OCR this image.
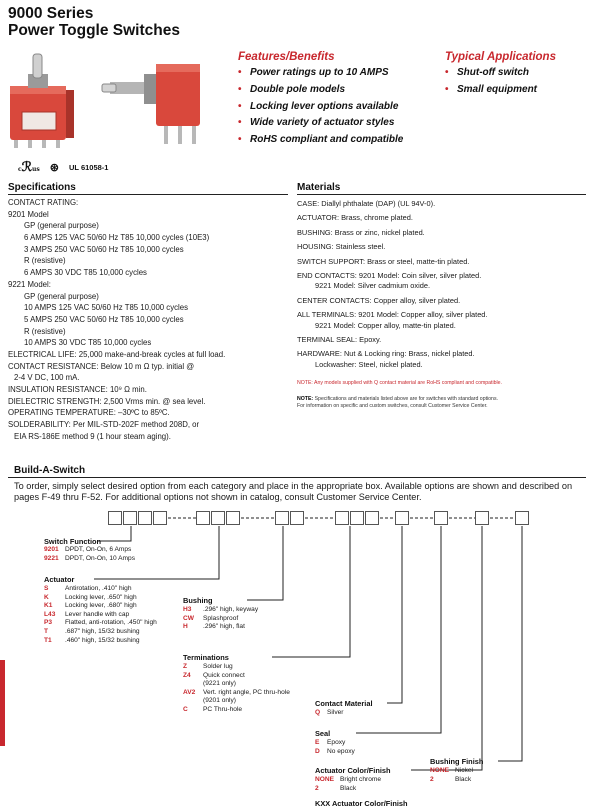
9000 Series
Power Toggle Switches
Features/Benefits
• Power ratings up to 10 AMPS
• Double pole models
• Locking lever options available
• Wide variety of actuator styles
• RoHS compliant and compatible
Typical Applications
• Shut-off switch
• Small equipment
cℛus ⊛ UL 61058-1
Specifications
CONTACT RATING:
9201 Model
GP (general purpose)
6 AMPS 125 VAC 50/60 Hz T85 10,000 cycles (10E3)
3 AMPS 250 VAC 50/60 Hz T85 10,000 cycles
R (resistive)
6 AMPS 30 VDC T85 10,000 cycles
9221 Model:
GP (general purpose)
10 AMPS 125 VAC 50/60 Hz T85 10,000 cycles
5 AMPS 250 VAC 50/60 Hz T85 10,000 cycles
R (resistive)
10 AMPS 30 VDC T85 10,000 cycles
ELECTRICAL LIFE: 25,000 make-and-break cycles at full load.
CONTACT RESISTANCE: Below 10 m Ω typ. initial @
2-4 V DC, 100 mA.
INSULATION RESISTANCE: 10⁹ Ω min.
DIELECTRIC STRENGTH: 2,500 Vrms min. @ sea level.
OPERATING TEMPERATURE: –30ºC to 85ºC.
SOLDERABILITY: Per MIL-STD-202F method 208D, or
EIA RS-186E method 9 (1 hour steam aging).
Materials
CASE: Diallyl phthalate (DAP) (UL 94V-0).
ACTUATOR: Brass, chrome plated.
BUSHING: Brass or zinc, nickel plated.
HOUSING: Stainless steel.
SWITCH SUPPORT: Brass or steel, matte-tin plated.
END CONTACTS: 9201 Model: Coin silver, silver plated.
9221 Model: Silver cadmium oxide.
CENTER CONTACTS: Copper alloy, silver plated.
ALL TERMINALS: 9201 Model: Copper alloy, silver plated.
9221 Model: Copper alloy, matte-tin plated.
TERMINAL SEAL: Epoxy.
HARDWARE: Nut & Locking ring: Brass, nickel plated.
Lockwasher: Steel, nickel plated.
NOTE: Any models supplied with Q contact material are RoHS compliant and compatible.
NOTE: Specifications and materials listed above are for switches with standard options.
For information on specific and custom switches, consult Customer Service Center.
Build-A-Switch
To order, simply select desired option from each category and place in the appropriate box. Available options are shown and described on pages F-49 thru F-52. For additional options not shown in catalog, consult Customer Service Center.
Switch Function
9201 DPDT, On-On, 6 Amps
9221 DPDT, On-On, 10 Amps
Actuator
S	Antirotation, .410" high
K Locking lever, .650" high
K1 Locking lever, .680" high
L43 Lever handle with cap
P3 Flatted, anti-rotation, .450" high
T	.687" high, 15/32 bushing
T1 .460" high, 15/32 bushing
Bushing
H3 .296" high, keyway
CW Splashproof
H .296" high, flat
Terminations
Z Solder lug
Z4 Quick connect
(9221 only)
AV2 Vert. right angle, PC thru-hole
(9201 only)
C PC Thru-hole
Contact Material
Q Silver
Seal
E Epoxy
D No epoxy
Actuator Color/Finish
NONE Bright chrome
2	Black
Bushing Finish
NONE Nickel
2	Black
KXX Actuator Color/Finish
